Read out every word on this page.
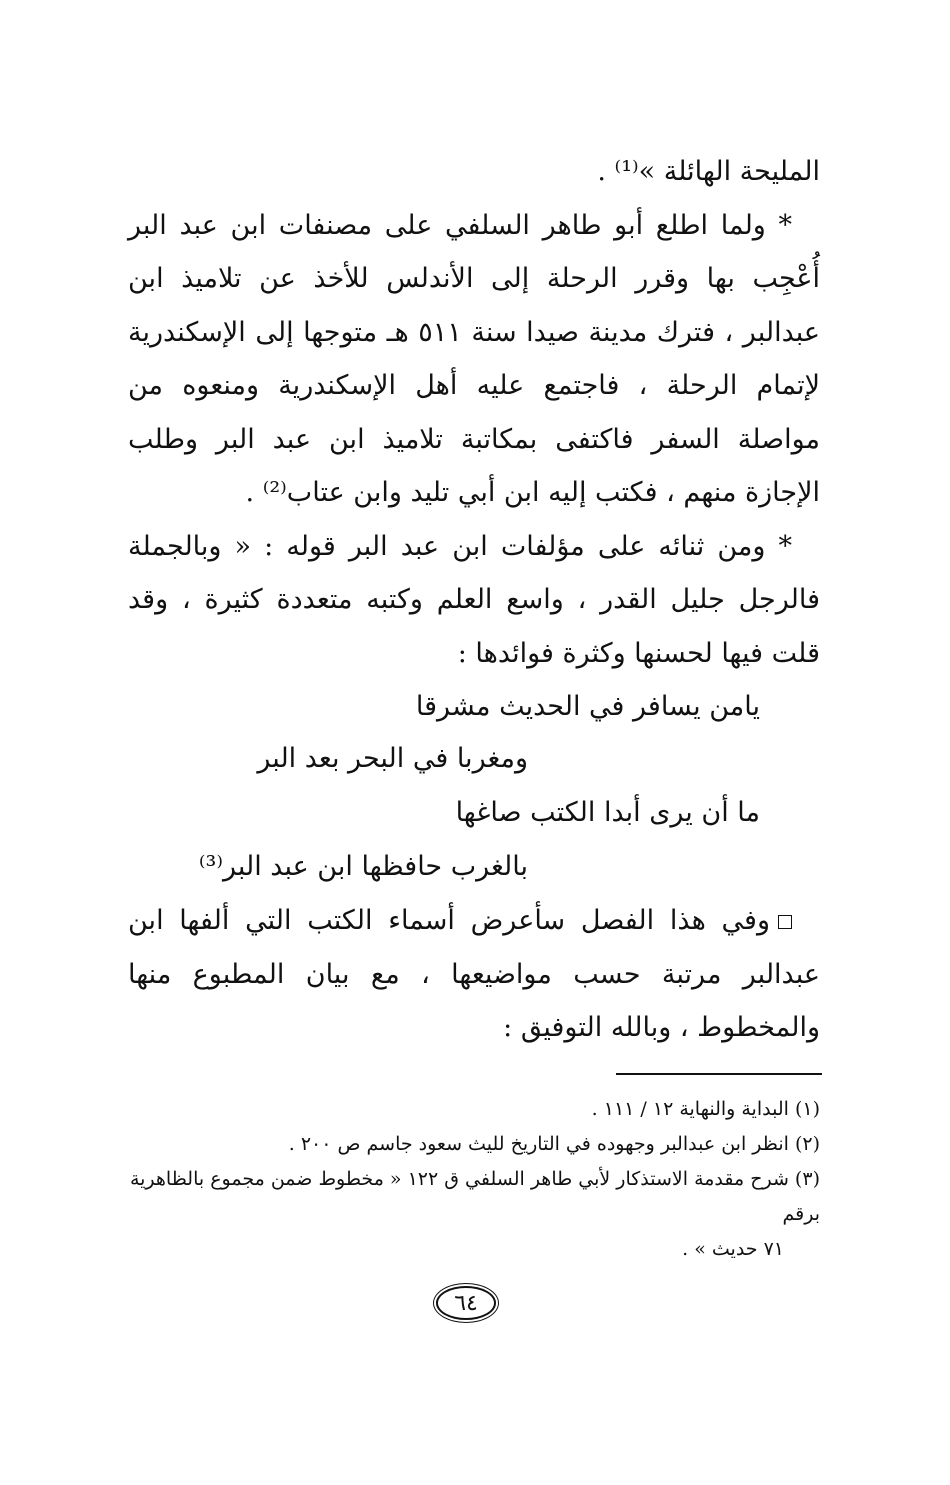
المليحة الهائلة »⁽¹⁾ .

* ولما اطلع أبو طاهر السلفي على مصنفات ابن عبد البر أُعْجِب بها وقرر الرحلة إلى الأندلس للأخذ عن تلاميذ ابن عبدالبر ، فترك مدينة صيدا سنة ٥١١ هـ متوجها إلى الإسكندرية لإتمام الرحلة ، فاجتمع عليه أهل الإسكندرية ومنعوه من مواصلة السفر فاكتفى بمكاتبة تلاميذ ابن عبد البر وطلب الإجازة منهم ، فكتب إليه ابن أبي تليد وابن عتاب⁽²⁾ .

* ومن ثنائه على مؤلفات ابن عبد البر قوله : « وبالجملة فالرجل جليل القدر ، واسع العلم وكتبه متعددة كثيرة ، وقد قلت فيها لحسنها وكثرة فوائدها :

يامن يسافر في الحديث مشرقا
ومغربا في البحر بعد البر
ما أن يرى أبدا الكتب صاغها
بالغرب حافظها ابن عبد البر⁽³⁾

وفي هذا الفصل سأعرض أسماء الكتب التي ألفها ابن عبدالبر مرتبة حسب مواضيعها ، مع بيان المطبوع منها والمخطوط ، وبالله التوفيق :

(١) البداية والنهاية ١٢ / ١١١ .

(٢) انظر ابن عبدالبر وجهوده في التاريخ لليث سعود جاسم ص ٢٠٠ .

(٣) شرح مقدمة الاستذكار لأبي طاهر السلفي ق ١٢٢ « مخطوط ضمن مجموع بالظاهرية برقم
٧١ حديث » .

٦٤
